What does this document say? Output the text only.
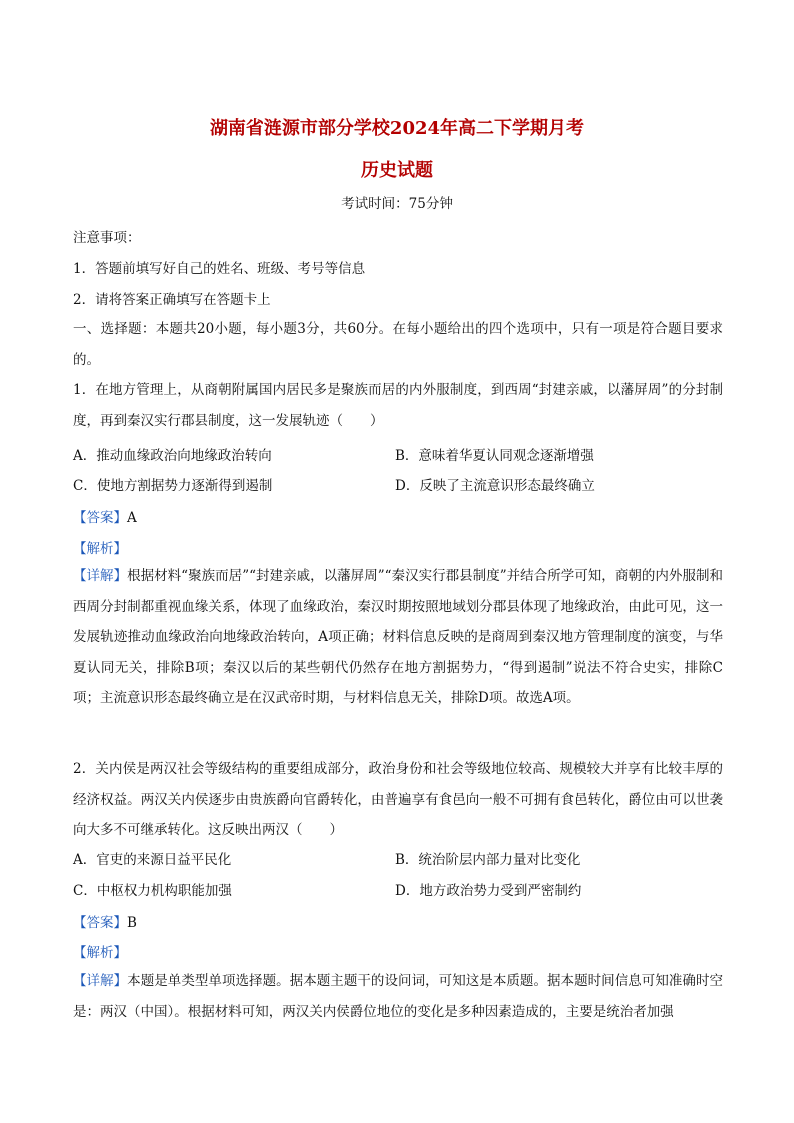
湖南省涟源市部分学校2024年高二下学期月考
历史试题
考试时间：75分钟
注意事项：
1．答题前填写好自己的姓名、班级、考号等信息
2．请将答案正确填写在答题卡上
一、选择题：本题共20小题，每小题3分，共60分。在每小题给出的四个选项中，只有一项是符合题目要求的。
1．在地方管理上，从商朝附属国内居民多是聚族而居的内外服制度，到西周“封建亲戚，以藩屏周”的分封制度，再到秦汉实行郡县制度，这一发展轨迹（　　）
A．推动血缘政治向地缘政治转向	B．意味着华夏认同观念逐渐增强
C．使地方割据势力逐渐得到遏制	D．反映了主流意识形态最终确立
【答案】A
【解析】
【详解】根据材料“聚族而居”“封建亲戚，以藩屏周”“秦汉实行郡县制度”并结合所学可知，商朝的内外服制和西周分封制都重视血缘关系，体现了血缘政治，秦汉时期按照地域划分郡县体现了地缘政治，由此可见，这一发展轨迹推动血缘政治向地缘政治转向，A项正确；材料信息反映的是商周到秦汉地方管理制度的演变，与华夏认同无关，排除B项；秦汉以后的某些朝代仍然存在地方割据势力，“得到遏制”说法不符合史实，排除C项；主流意识形态最终确立是在汉武帝时期，与材料信息无关，排除D项。故选A项。
2．关内侯是两汉社会等级结构的重要组成部分，政治身份和社会等级地位较高、规模较大并享有比较丰厚的经济权益。两汉关内侯逐步由贵族爵向官爵转化，由普遍享有食邑向一般不可拥有食邑转化，爵位由可以世袭向大多不可继承转化。这反映出两汉（　　）
A．官吏的来源日益平民化	B．统治阶层内部力量对比变化
C．中枢权力机构职能加强	D．地方政治势力受到严密制约
【答案】B
【解析】
【详解】本题是单类型单项选择题。据本题主题干的设问词，可知这是本质题。据本题时间信息可知准确时空是：两汉（中国）。根据材料可知，两汉关内侯爵位地位的变化是多种因素造成的，主要是统治者加强
